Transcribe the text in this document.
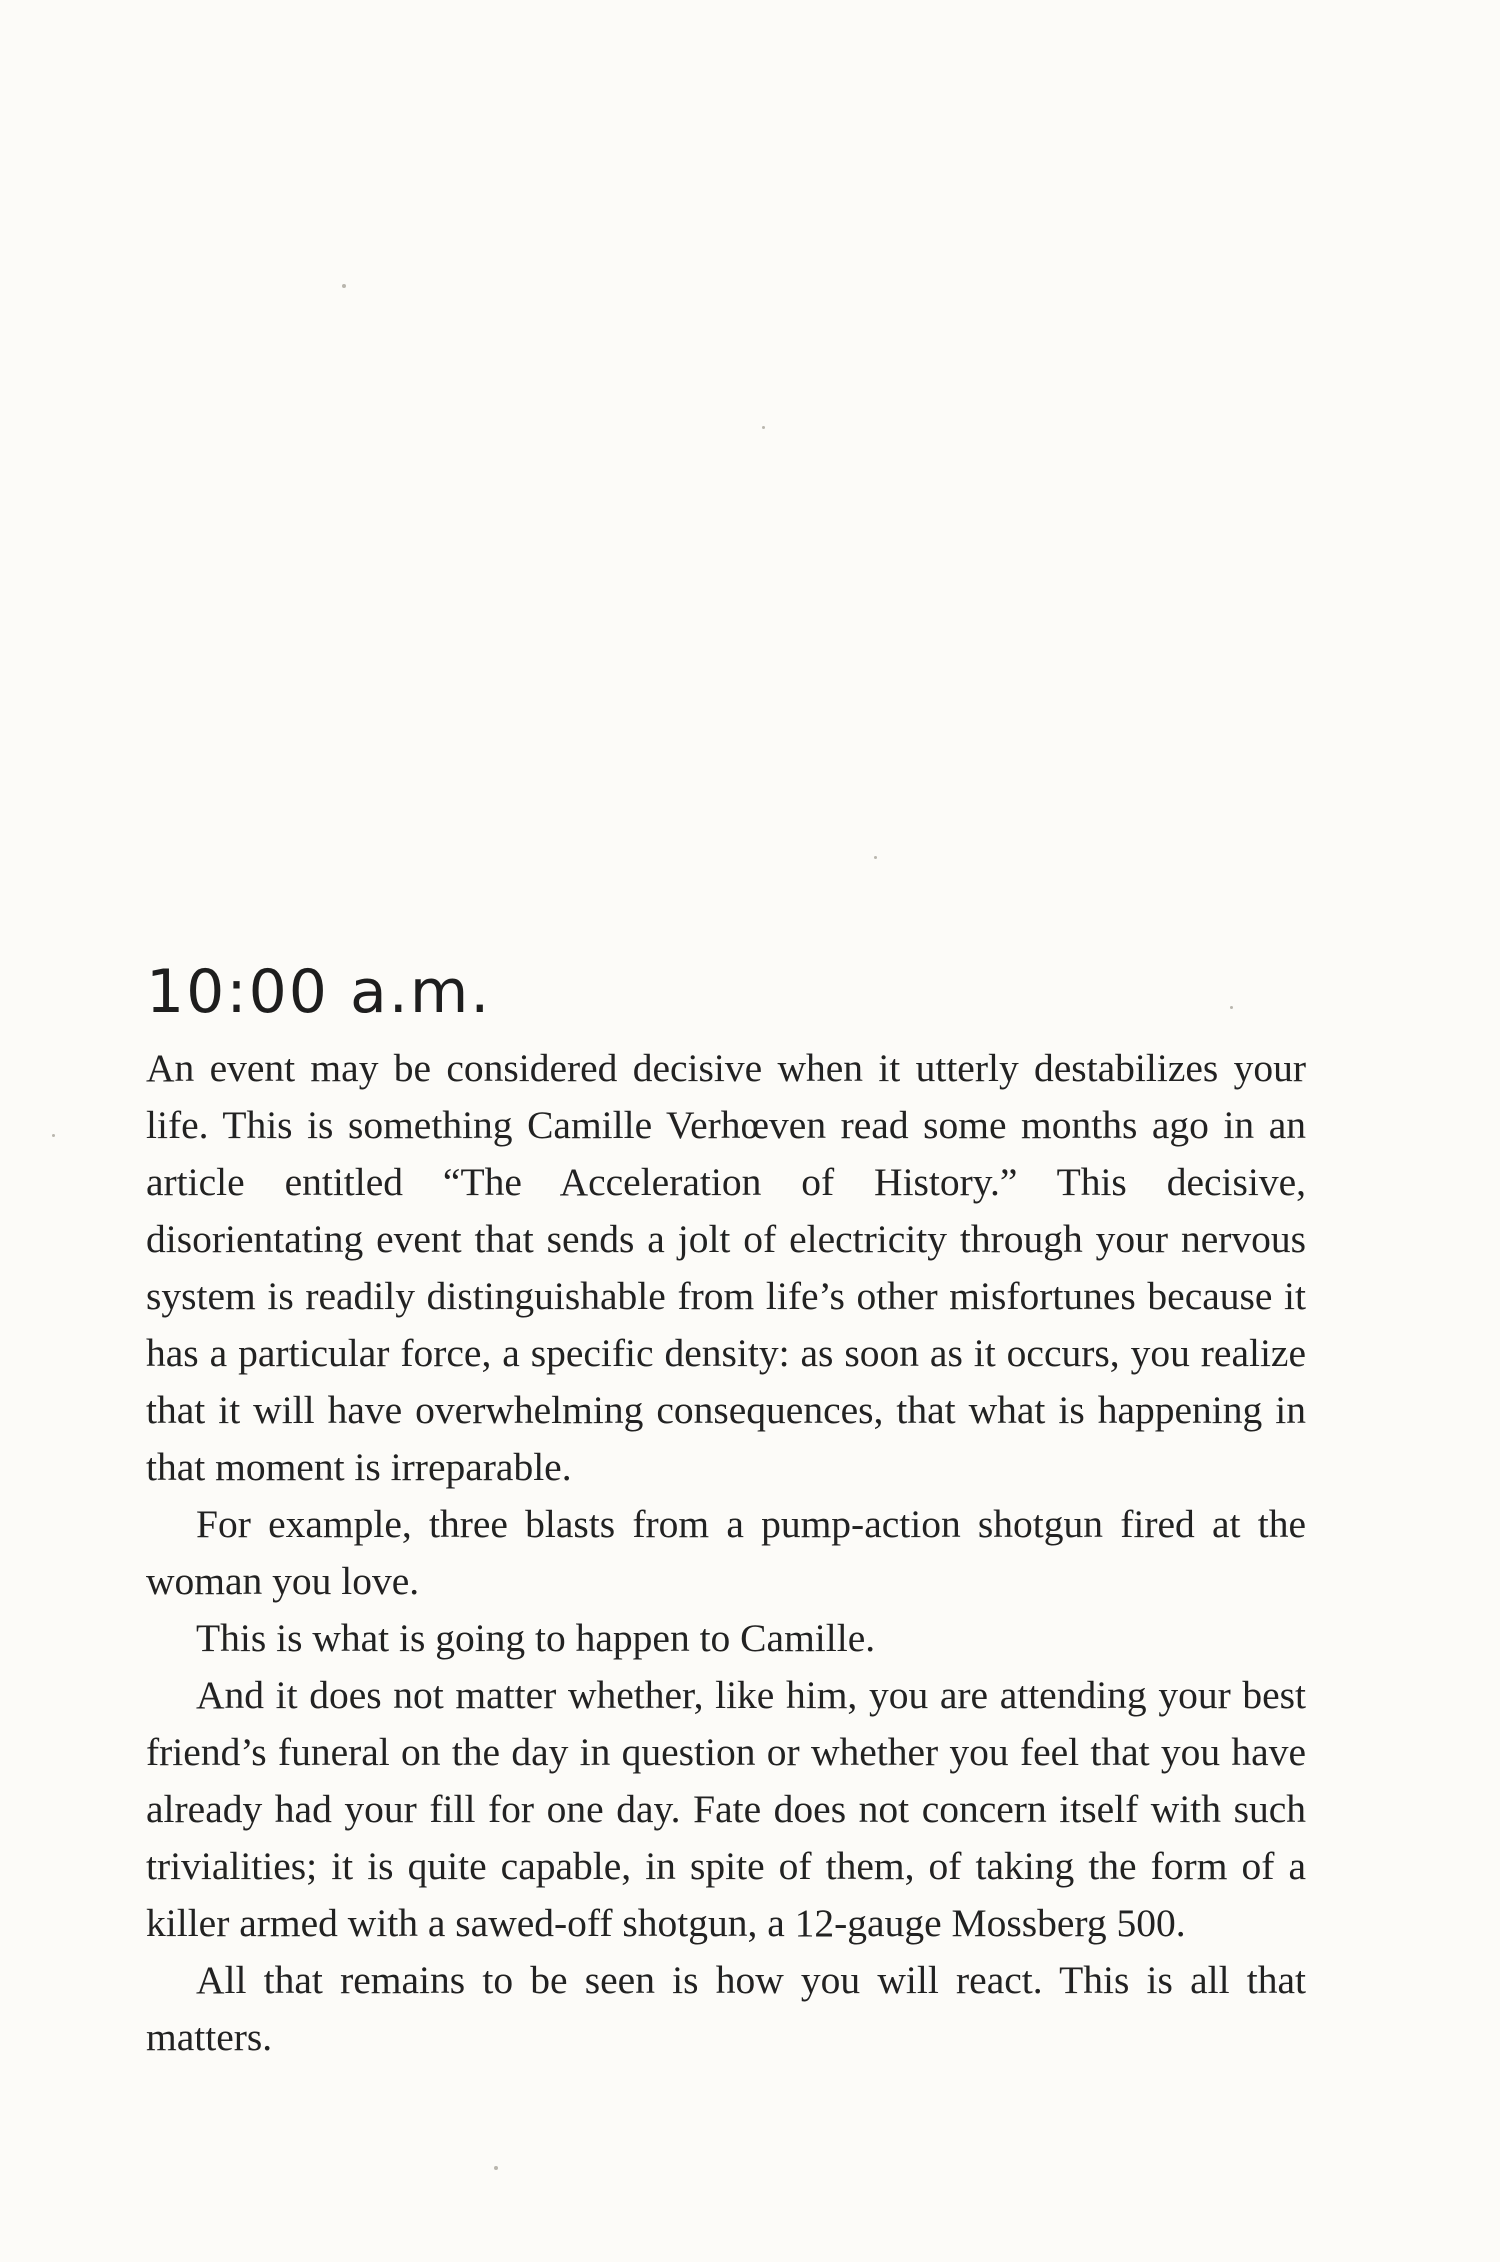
10:00 a.m.

An event may be considered decisive when it utterly destabilizes your life. This is something Camille Verhœven read some months ago in an article entitled “The Acceleration of History.” This decisive, disorientating event that sends a jolt of electricity through your nervous system is readily distinguishable from life’s other misfortunes because it has a particular force, a specific density: as soon as it occurs, you realize that it will have overwhelming consequences, that what is happening in that moment is irreparable.

For example, three blasts from a pump-action shotgun fired at the woman you love.

This is what is going to happen to Camille.

And it does not matter whether, like him, you are attending your best friend’s funeral on the day in question or whether you feel that you have already had your fill for one day. Fate does not concern itself with such trivialities; it is quite capable, in spite of them, of taking the form of a killer armed with a sawed-off shotgun, a 12-gauge Mossberg 500.

All that remains to be seen is how you will react. This is all that matters.
